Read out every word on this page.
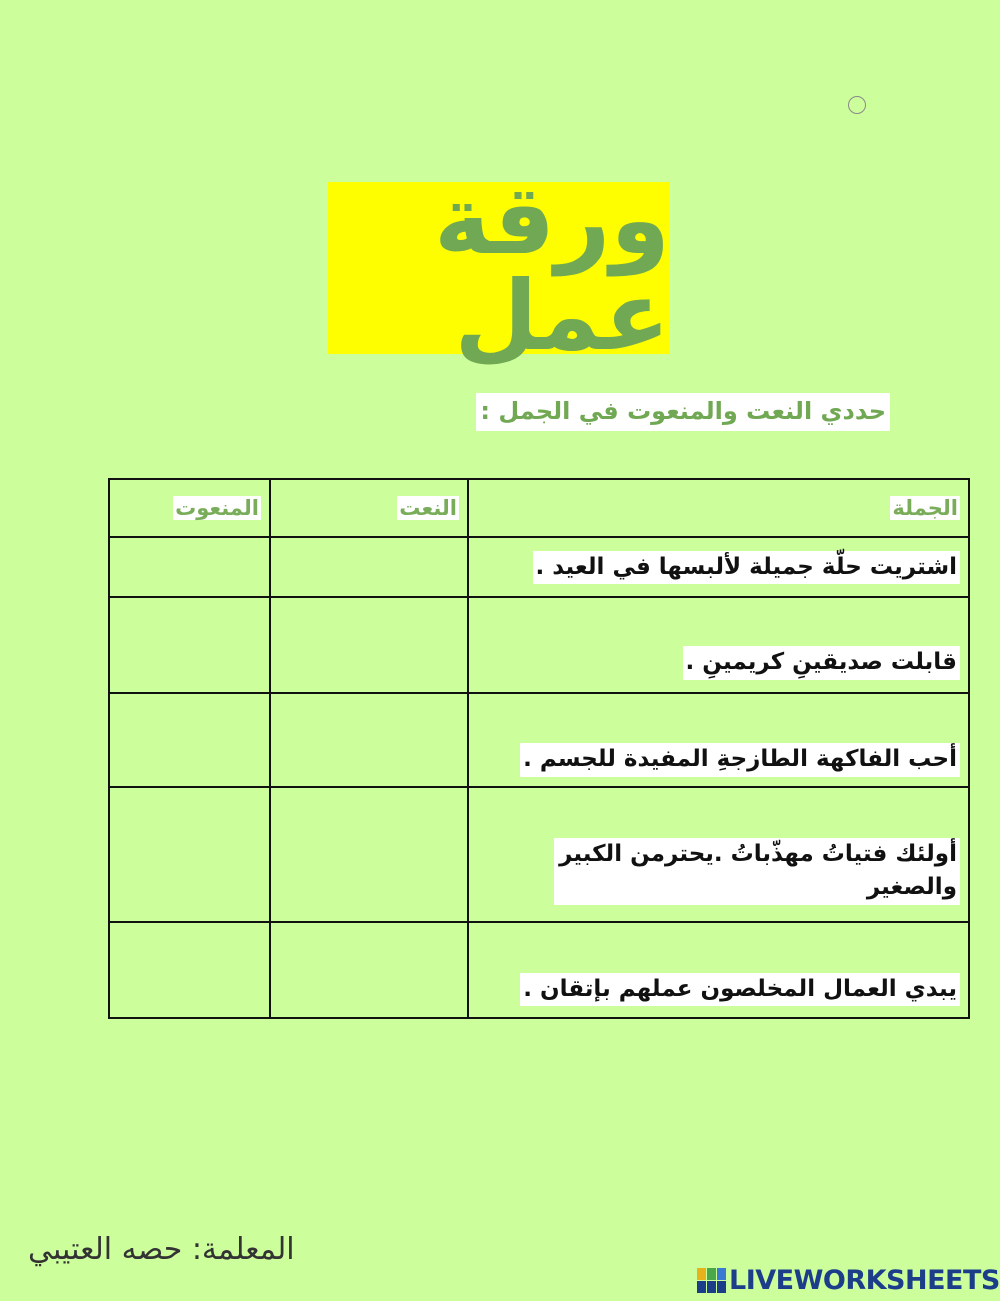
ورقة عمل
حددي النعت والمنعوت في الجمل :
الجملة	النعت	المنعوت
اشتريت حلّة جميلة لألبسها في العيد .		
قابلت صديقينِ كريمينِ .		
أحب الفاكهة الطازجةِ المفيدة للجسم .		
أولئك فتياتُ مهذّباتُ .يحترمن الكبير والصغير		
يبدي العمال المخلصون عملهم بإتقان .		
المعلمة: حصه العتيبي
LIVEWORKSHEETS
